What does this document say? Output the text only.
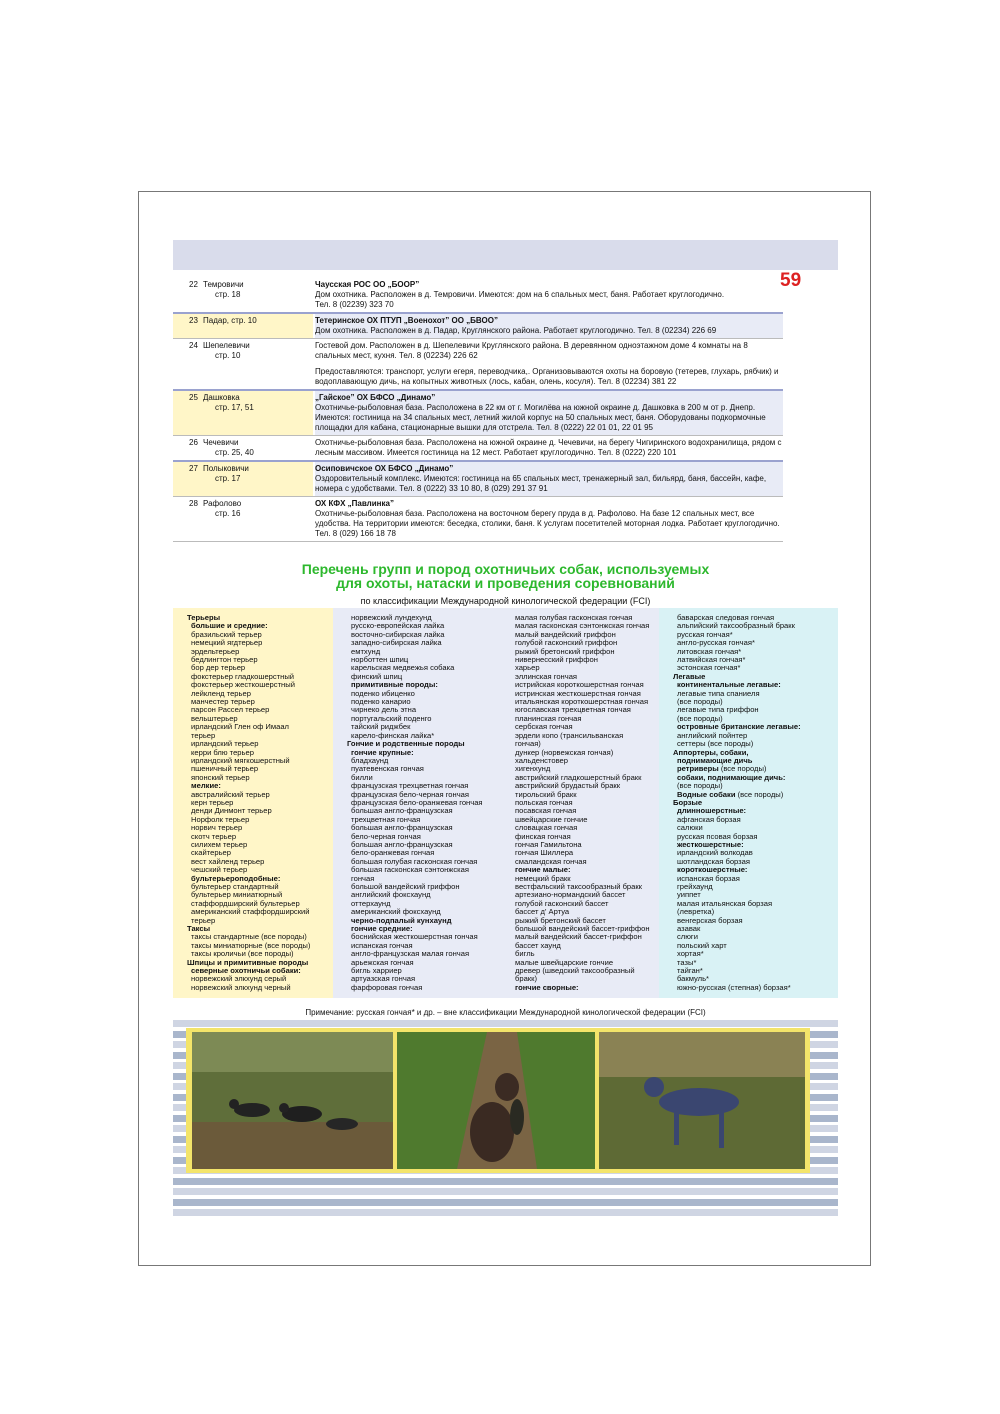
59
22 Темровичи
стр. 18
Чаусская РОС ОО „БООР”
Дом охотника. Расположен в д. Темровичи. Имеются: дом на 6 спальных мест, баня. Работает круглогодично.
Тел. 8 (02239) 323 70
23 Падар, стр. 10	Тетеринское ОХ ПТУП „Военохот” ОО „БВОО”
Дом охотника. Расположен в д. Падар, Круглянского района. Работает круглогодично. Тел. 8 (02234) 226 69
24 Шепелевичи
стр. 10
Гостевой дом. Расположен в д. Шепелевичи Круглянского района. В деревянном одноэтажном доме 4 комнаты на 8 спальных мест, кухня. Тел. 8 (02234) 226 62
Предоставляются: транспорт, услуги егеря, переводчика,. Организовываются охоты на боровую (тетерев, глухарь, рябчик) и водоплавающую дичь, на копытных животных (лось, кабан, олень, косуля). Тел. 8 (02234) 381 22
25 Дашковка
стр. 17, 51
„Гайское” ОХ БФСО „Динамо”
Охотничье-рыболовная база. Расположена в 22 км от г. Могилёва на южной окраине д. Дашковка в 200 м от р. Днепр. Имеются: гостиница на 34 спальных мест, летний жилой корпус на 50 спальных мест, баня. Оборудованы подкормочные площадки для кабана, стационарные вышки для отстрела. Тел. 8 (0222) 22 01 01, 22 01 95
26 Чечевичи
стр. 25, 40
Охотничье-рыболовная база. Расположена на южной окраине д. Чечевичи, на берегу Чигиринского водохранилища, рядом с лесным массивом. Имеется гостиница на 12 мест. Работает круглогодично. Тел. 8 (0222) 220 101
27 Полыковичи
стр. 17
Осиповичское ОХ БФСО „Динамо”
Оздоровительный комплекс. Имеются: гостиница на 65 спальных мест, тренажерный зал, бильярд, баня, бассейн, кафе, номера с удобствами. Тел. 8 (0222) 33 10 80, 8 (029) 291 37 91
28 Рафолово
стр. 16
ОХ КФХ „Павлинка”
Охотничье-рыболовная база. Расположена на восточном берегу пруда в д. Рафолово. На базе 12 спальных мест, все удобства. На территории имеются: беседка, столики, баня. К услугам посетителей моторная лодка. Работает круглогодично. Тел. 8 (029) 166 18 78
Перечень групп и пород охотничьих собак, используемых
для охоты, натаски и проведения соревнований
по классификации Международной кинологической федерации (FCI)
Терьеры
большие и средние:
бразильский терьер
немецкий ягдтерьер
эрдельтерьер
бедлингтон терьер
бор дер терьер
фокстерьер гладкошерстный
фокстерьер жесткошерстный
лейкленд терьер
манчестер терьер
парсон Рассел терьер
вельштерьер
ирландский Глен оф Имаал
терьер
ирландский терьер
керри блю терьер
ирландский мягкошерстный
пшеничный терьер
японский терьер
мелкие:
австралийский терьер
керн терьер
денди Динмонт терьер
Норфолк терьер
норвич терьер
скотч терьер
силихем терьер
скайтерьер
вест хайленд терьер
чешский терьер
бультерьероподобные:
бультерьер стандартный
бультерьер миниатюрный
стаффордширский бультерьер
американский стаффордширский
терьер
Таксы
таксы стандартные (все породы)
таксы миниатюрные (все породы)
таксы кроличьи (все породы)
Шпицы и примитивные породы
северные охотничьи собаки:
норвежский элкхунд серый
норвежский элкхунд черный
норвежский лундехунд
русско-европейская лайка
восточно-сибирская лайка
западно-сибирская лайка
емтхунд
норботтен шпиц
карельская медвежья собака
финский шпиц
примитивные породы:
поденко ибиценко
поденко канарио
чирнеко дель этна
португальский поденго
тайский риджбек
карело-финская лайка*
Гончие и родственные породы
гончие крупные:
бладхаунд
пуатевенская гончая
билли
французская трехцветная гончая
французская бело-черная гончая
французская бело-оранжевая гончая
большая англо-французская
трехцветная гончая
большая англо-французская
бело-черная гончая
большая англо-французская
бело-оранжевая гончая
большая голубая гасконская гончая
большая гасконская сэнтонжская
гончая
большой вандейский гриффон
английский фоксхаунд
оттерхаунд
американский фоксхаунд
черно-подпалый кунхаунд
гончие средние:
боснийская жесткошерстная гончая
испанская гончая
англо-французская малая гончая
арьежская гончая
бигль харриер
артуазская гончая
фарфоровая гончая
малая голубая гасконская гончая
малая гасконская сэнтонжская гончая
малый вандейский гриффон
голубой гасконский гриффон
рыжий бретонский гриффон
нивернесский гриффон
харьер
эллинская гончая
истрийская короткошерстная гончая
истринская жесткошерстная гончая
итальянская короткошерстная гончая
югославская трехцветная гончая
планинская гончая
сербская гончая
эрдели копо (трансильванская
гончая)
дункер (норвежская гончая)
хальденстовер
хигенхунд
австрийский гладкошерстный бракк
австрийский брудастый бракк
тирольский бракк
польская гончая
посавская гончая
швейцарские гончие
словацкая гончая
финская гончая
гончая Гамильтона
гончая Шиллера
смаландская гончая
гончие малые:
немецкий бракк
вестфальский таксообразный бракк
артезиано-нормандский бассет
голубой гасконский бассет
бассет д' Артуа
рыжий бретонский бассет
большой вандейский бассет-гриффон
малый вандейский бассет-гриффон
бассет хаунд
бигль
малые швейцарские гончие
древер (шведский таксообразный
бракк)
гончие сворные:
баварская следовая гончая
альпийский таксообразный бракк
русская гончая*
англо-русская гончая*
литовская гончая*
латвийская гончая*
эстонская гончая*
Легавые
континентальные легавые:
легавые типа спаниеля
(все породы)
легавые типа гриффон
(все породы)
островные британские легавые:
английский пойнтер
сеттеры (все породы)
Аппортеры, собаки,
поднимающие дичь
ретриверы (все породы)
собаки, поднимающие дичь:
(все породы)
Водные собаки (все породы)
Борзые
длинношерстные:
афганская борзая
салюки
русская псовая борзая
жесткошерстные:
ирландский волкодав
шотландская борзая
короткошерстные:
испанская борзая
грейхаунд
уиппет
малая итальянская борзая
(левретка)
венгерская борзая
азавак
слюги
польский харт
хортая*
тазы*
тайган*
бакмуль*
южно-русская (степная) борзая*
Примечание: русская гончая* и др. – вне классификации Международной кинологической федерации (FCI)
